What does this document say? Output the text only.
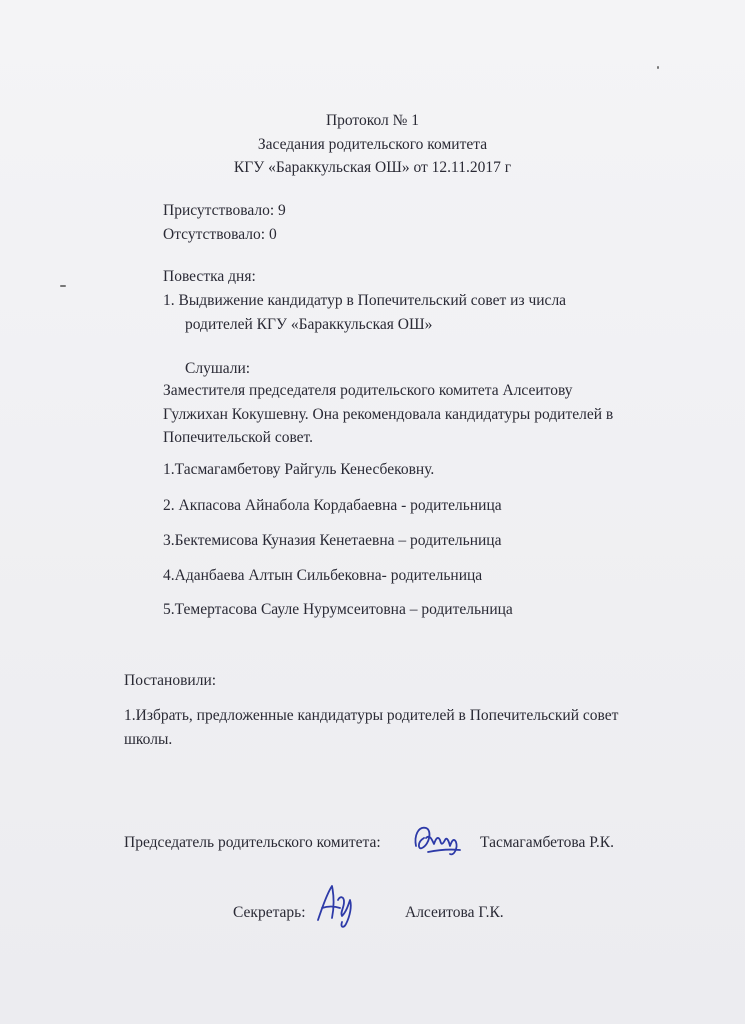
Протокол № 1
Заседания родительского комитета
КГУ «Бараккульская ОШ» от 12.11.2017 г
Присутствовало: 9
Отсутствовало: 0
Повестка дня:
1. Выдвижение кандидатур в Попечительский совет из числа
родителей КГУ «Бараккульская ОШ»
Слушали:
Заместителя председателя родительского комитета Алсеитову
Гулжихан Кокушевну. Она рекомендовала кандидатуры родителей в
Попечительской совет.
1.Тасмагамбетову Райгуль Кенесбековну.
2. Акпасова Айнабола Кордабаевна - родительница
3.Бектемисова Куназия Кенетаевна – родительница
4.Аданбаева Алтын Сильбековна- родительница
5.Темертасова Сауле Нурумсеитовна – родительница
Постановили:
1.Избрать, предложенные кандидатуры родителей в Попечительский совет
школы.
Председатель родительского комитета:	Тасмагамбетова Р.К.
Секретарь:	Алсеитова Г.К.
